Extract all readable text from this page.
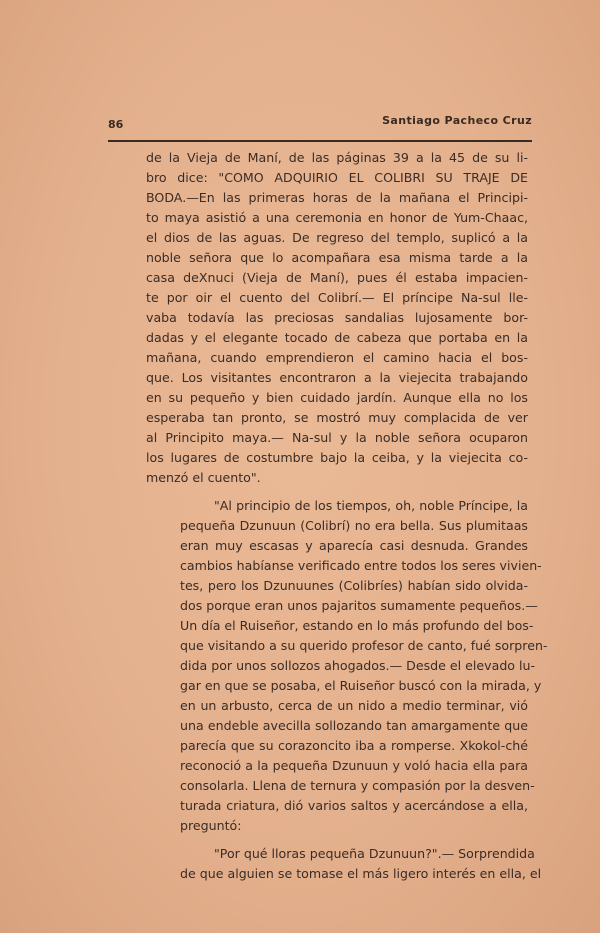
86	Santiago Pacheco Cruz
de la Vieja de Maní, de las páginas 39 a la 45 de su li-
bro dice: "COMO ADQUIRIO EL COLIBRI SU TRAJE DE
BODA.—En las primeras horas de la mañana el Principi-
to maya asistió a una ceremonia en honor de Yum-Chaac,
el dios de las aguas. De regreso del templo, suplicó a la
noble señora que lo acompañara esa misma tarde a la
casa deXnuci (Vieja de Maní), pues él estaba impacien-
te por oir el cuento del Colibrí.— El príncipe Na-sul lle-
vaba todavía las preciosas sandalias lujosamente bor-
dadas y el elegante tocado de cabeza que portaba en la
mañana, cuando emprendieron el camino hacia el bos-
que. Los visitantes encontraron a la viejecita trabajando
en su pequeño y bien cuidado jardín. Aunque ella no los
esperaba tan pronto, se mostró muy complacida de ver
al Principito maya.— Na-sul y la noble señora ocuparon
los lugares de costumbre bajo la ceiba, y la viejecita co-
menzó el cuento".
"Al principio de los tiempos, oh, noble Príncipe, la
pequeña Dzunuun (Colibrí) no era bella. Sus plumitaas
eran muy escasas y aparecía casi desnuda. Grandes
cambios habíanse verificado entre todos los seres vivien-
tes, pero los Dzunuunes (Colibríes) habían sido olvida-
dos porque eran unos pajaritos sumamente pequeños.—
Un día el Ruiseñor, estando en lo más profundo del bos-
que visitando a su querido profesor de canto, fué sorpren-
dida por unos sollozos ahogados.— Desde el elevado lu-
gar en que se posaba, el Ruiseñor buscó con la mirada, y
en un arbusto, cerca de un nido a medio terminar, vió
una endeble avecilla sollozando tan amargamente que
parecía que su corazoncito iba a romperse. Xkokol-ché
reconoció a la pequeña Dzunuun y voló hacia ella para
consolarla. Llena de ternura y compasión por la desven-
turada criatura, dió varios saltos y acercándose a ella,
preguntó:
"Por qué lloras pequeña Dzunuun?".— Sorprendida
de que alguien se tomase el más ligero interés en ella, el
